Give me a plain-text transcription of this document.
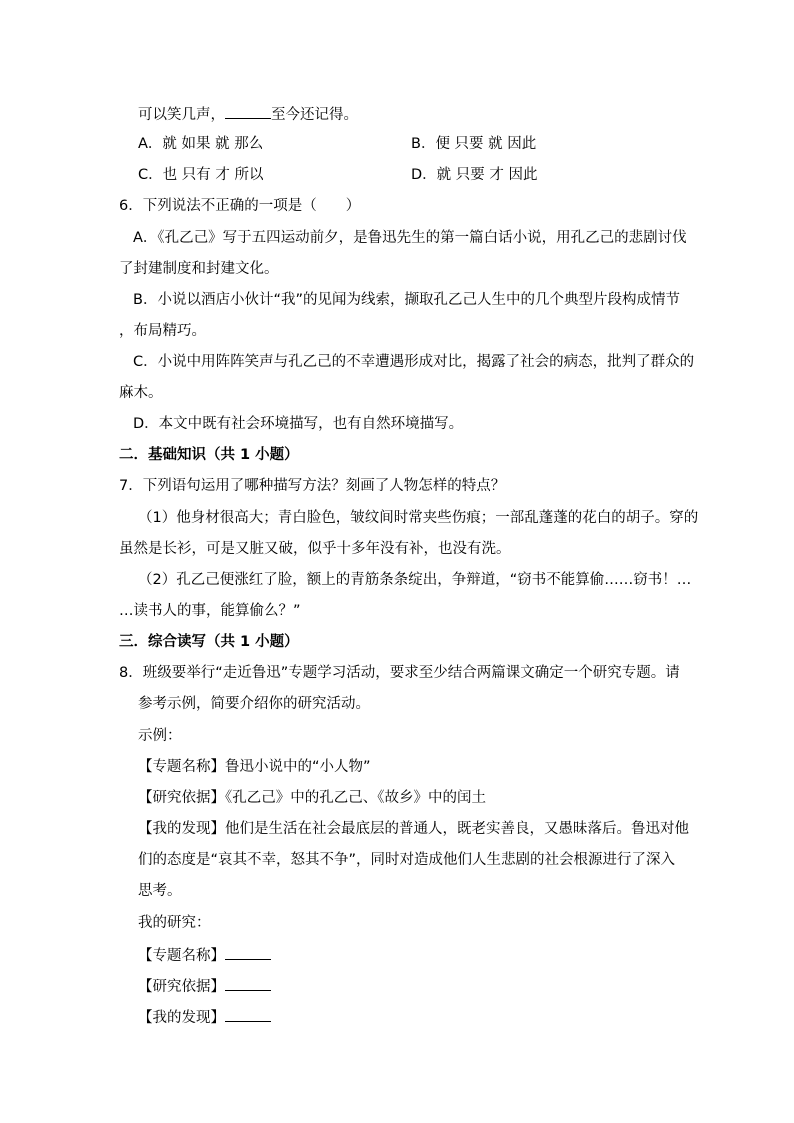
可以笑几声，	至今还记得。
A．就 如果 就 那么	B．便 只要 就 因此
C．也 只有 才 所以	D．就 只要 才 因此
6．下列说法不正确的一项是（　　）
A．《孔乙己》写于五四运动前夕，是鲁迅先生的第一篇白话小说，用孔乙己的悲剧讨伐
了封建制度和封建文化。
B．小说以酒店小伙计“我”的见闻为线索，撷取孔乙己人生中的几个典型片段构成情节
，布局精巧。
C．小说中用阵阵笑声与孔乙己的不幸遭遇形成对比，揭露了社会的病态，批判了群众的
麻木。
D．本文中既有社会环境描写，也有自然环境描写。
二．基础知识（共 1 小题）
7．下列语句运用了哪种描写方法？刻画了人物怎样的特点？
（1）他身材很高大；青白脸色，皱纹间时常夹些伤痕；一部乱蓬蓬的花白的胡子。穿的
虽然是长衫，可是又脏又破，似乎十多年没有补，也没有洗。
（2）孔乙己便涨红了脸，额上的青筋条条绽出，争辩道，“窃书不能算偷……窃书！…
…读书人的事，能算偷么？”
三．综合读写（共 1 小题）
8．班级要举行“走近鲁迅”专题学习活动，要求至少结合两篇课文确定一个研究专题。请
参考示例，简要介绍你的研究活动。
示例：
【专题名称】鲁迅小说中的“小人物”
【研究依据】《孔乙己》中的孔乙己、《故乡》中的闰土
【我的发现】他们是生活在社会最底层的普通人，既老实善良，又愚昧落后。鲁迅对他
们的态度是“哀其不幸，怒其不争”，同时对造成他们人生悲剧的社会根源进行了深入
思考。
我的研究：
【专题名称】
【研究依据】
【我的发现】
